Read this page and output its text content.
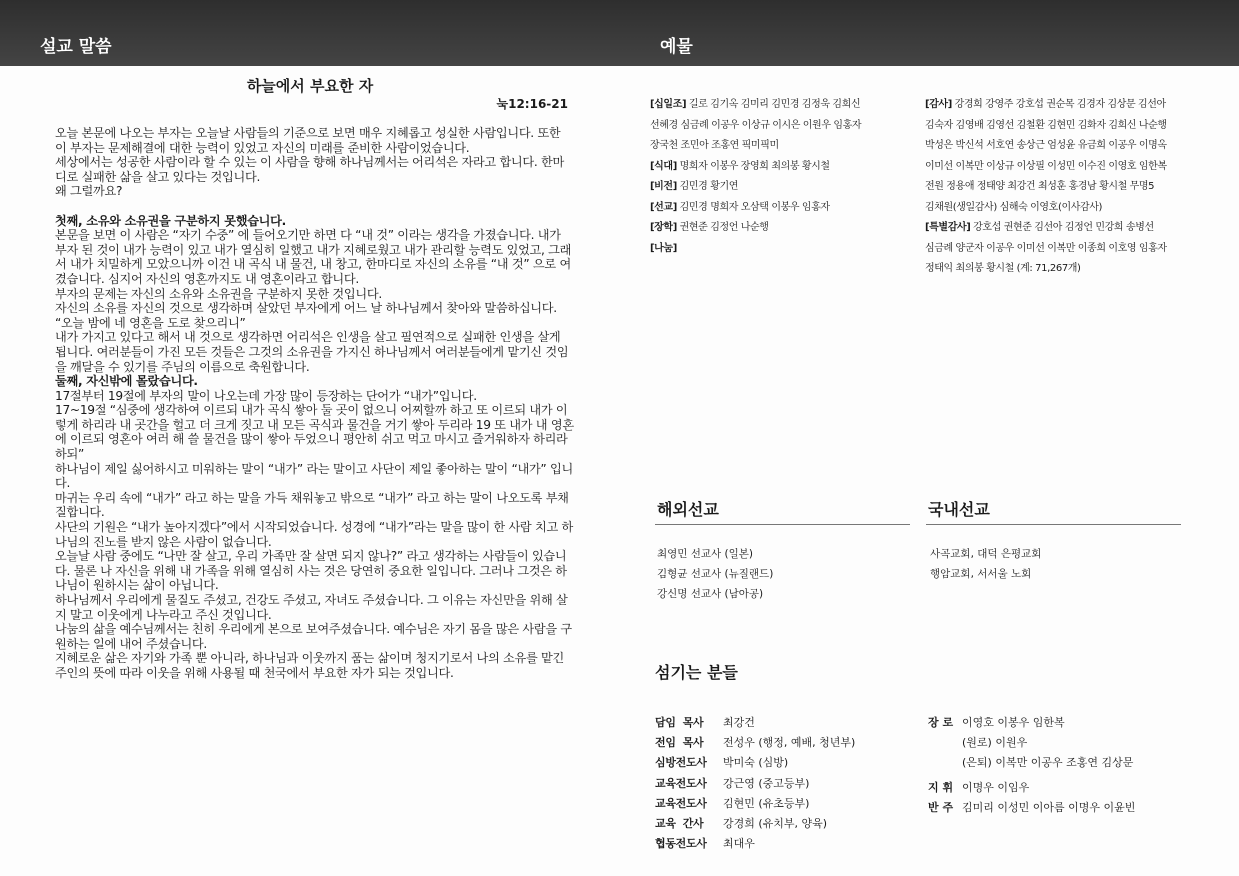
설교 말씀	예물
하늘에서 부요한 자
눅12:16-21

오늘 본문에 나오는 부자는 오늘날 사람들의 기준으로 보면 매우 지혜롭고 성실한 사람입니다. 또한 이 부자는 문제해결에 대한 능력이 있었고 자신의 미래를 준비한 사람이었습니다.

세상에서는 성공한 사람이라 할 수 있는 이 사람을 향해 하나님께서는 어리석은 자라고 합니다. 한마디로 실패한 삶을 살고 있다는 것입니다.

왜 그럴까요?

첫째, 소유와 소유권을 구분하지 못했습니다.

본문을 보면 이 사람은 “자기 수중” 에 들어오기만 하면 다 “내 것” 이라는 생각을 가졌습니다. 내가 부자 된 것이 내가 능력이 있고 내가 열심히 일했고 내가 지혜로웠고 내가 관리할 능력도 있었고, 그래서 내가 치밀하게 모았으니까 이건 내 곡식 내 물건, 내 창고, 한마디로 자신의 소유를 “내 것” 으로 여겼습니다. 심지어 자신의 영혼까지도 내 영혼이라고 합니다.

부자의 문제는 자신의 소유와 소유권을 구분하지 못한 것입니다.

자신의 소유를 자신의 것으로 생각하며 살았던 부자에게 어느 날 하나님께서 찾아와 말씀하십니다. “오늘 밤에 네 영혼을 도로 찾으리니”

내가 가지고 있다고 해서 내 것으로 생각하면 어리석은 인생을 살고 필연적으로 실패한 인생을 살게 됩니다. 여러분들이 가진 모든 것들은 그것의 소유권을 가지신 하나님께서 여러분들에게 맡기신 것임을 깨달을 수 있기를 주님의 이름으로 축원합니다.

둘째, 자신밖에 몰랐습니다.

17절부터 19절에 부자의 말이 나오는데 가장 많이 등장하는 단어가 “내가”입니다.

17~19절 “심중에 생각하여 이르되 내가 곡식 쌓아 둘 곳이 없으니 어찌할까 하고 또 이르되 내가 이렇게 하리라 내 곳간을 헐고 더 크게 짓고 내 모든 곡식과 물건을 거기 쌓아 두리라 19 또 내가 내 영혼에 이르되 영혼아 여러 해 쓸 물건을 많이 쌓아 두었으니 평안히 쉬고 먹고 마시고 즐거워하자 하리라 하되”

하나님이 제일 싫어하시고 미워하는 말이 “내가” 라는 말이고 사단이 제일 좋아하는 말이 “내가” 입니다.

마귀는 우리 속에 “내가” 라고 하는 말을 가득 채워놓고 밖으로 “내가” 라고 하는 말이 나오도록 부채질합니다.

사단의 기원은 “내가 높아지겠다”에서 시작되었습니다. 성경에 “내가”라는 말을 많이 한 사람 치고 하나님의 진노를 받지 않은 사람이 없습니다.

오늘날 사람 중에도 “나만 잘 살고, 우리 가족만 잘 살면 되지 않나?” 라고 생각하는 사람들이 있습니다. 물론 나 자신을 위해 내 가족을 위해 열심히 사는 것은 당연히 중요한 일입니다. 그러나 그것은 하나님이 원하시는 삶이 아닙니다.

하나님께서 우리에게 물질도 주셨고, 건강도 주셨고, 자녀도 주셨습니다. 그 이유는 자신만을 위해 살지 말고 이웃에게 나누라고 주신 것입니다.

나눔의 삶을 예수님께서는 친히 우리에게 본으로 보여주셨습니다. 예수님은 자기 몸을 많은 사람을 구원하는 일에 내어 주셨습니다.

지혜로운 삶은 자기와 가족 뿐 아니라, 하나님과 이웃까지 품는 삶이며 청지기로서 나의 소유를 맡긴 주인의 뜻에 따라 이웃을 위해 사용될 때 천국에서 부요한 자가 되는 것입니다.

[십일조] 길로 김기옥 김미리 김민경 김정욱 김희신
선혜경 심금례 이공우 이상규 이시은 이원우 임홍자
장국천 조민아 조홍연 픽미픽미
[식대] 명희자 이봉우 장영희 최의봉 황시철
[비전] 김민경 황기연
[선교] 김민경 명희자 오삼택 이봉우 임홍자
[장학] 권현준 김정언 나순행
[나눔]
[감사] 강경희 강영주 강호섭 권순목 김경자 김상문 김선아
김숙자 김영배 김영선 김철환 김현민 김화자 김희신 나순행
박성은 박신석 서호연 송상근 엄성윤 유금희 이공우 이명옥
이미선 이복만 이상규 이상필 이성민 이수진 이영호 임한복
전원 정용애 정태양 최강건 최성훈 홍경남 황시철 무명5
김채원(생일감사) 심해숙 이영호(이사감사)
[특별감사] 강호섭 권현준 김선아 김정언 민강희 송병선
심금례 양군자 이공우 이미선 이복만 이종희 이호영 임홍자
정태익 최의봉 황시철 (계: 71,267개)
해외선교
최영민 선교사 (일본)
김형균 선교사 (뉴질랜드)
강신명 선교사 (남아공)
국내선교
사곡교회, 대덕 은평교회
행암교회, 서서울 노회
섬기는 분들
담임  목사 최강건
전임  목사 전성우 (행정, 예배, 청년부)
심방전도사 박미숙 (심방)
교육전도사 강근영 (중고등부)
교육전도사 김현민 (유초등부)
교육  간사 강경희 (유치부, 양육)
협동전도사 최대우
장 로 이영호 이봉우 임한복
(원로) 이원우
(은퇴) 이복만 이공우 조홍연 김상문
지 휘 이명우 이임우
반 주 김미리 이성민 이아름 이명우 이윤빈
